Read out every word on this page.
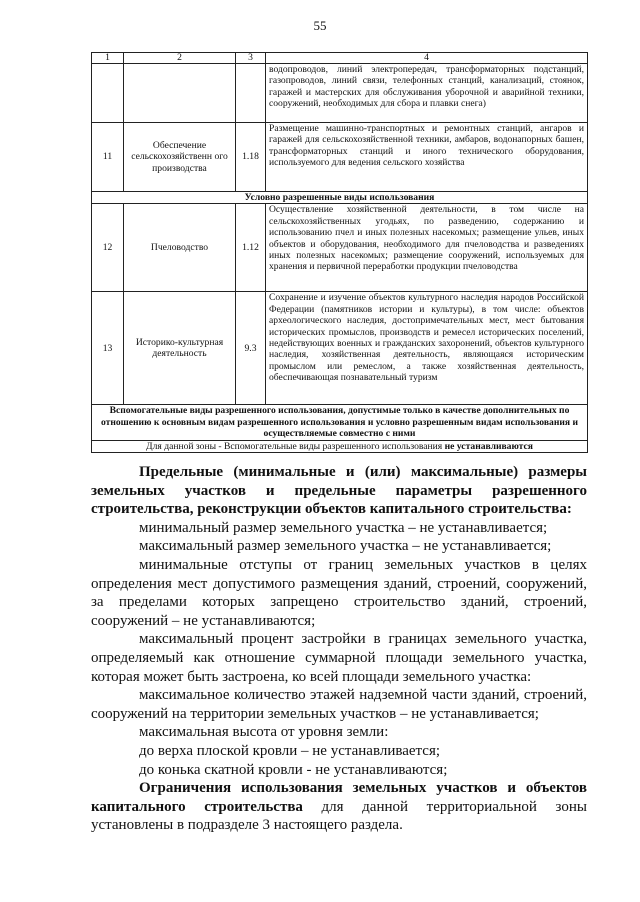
55
1	2	3	4
			водопроводов, линий электропередач, трансформаторных подстанций, газопроводов, линий связи, телефонных станций, канализаций, стоянок, гаражей и мастерских для обслуживания уборочной и аварийной техники, сооружений, необходимых для сбора и плавки снега)
11	Обеспечение сельскохозяйственн ого производства	1.18	Размещение машинно-транспортных и ремонтных станций, ангаров и гаражей для сельскохозяйственной техники, амбаров, водонапорных башен, трансформаторных станций и иного технического оборудования, используемого для ведения сельского хозяйства
Условно разрешенные виды использования			
12	Пчеловодство	1.12	Осуществление хозяйственной деятельности, в том числе на сельскохозяйственных угодьях, по разведению, содержанию и использованию пчел и иных полезных насекомых; размещение ульев, иных объектов и оборудования, необходимого для пчеловодства и разведениях иных полезных насекомых; размещение сооружений, используемых для хранения и первичной переработки продукции пчеловодства
13	Историко-культурная деятельность	9.3	Сохранение и изучение объектов культурного наследия народов Российской Федерации (памятников истории и культуры), в том числе: объектов археологического наследия, достопримечательных мест, мест бытования исторических промыслов, производств и ремесел исторических поселений, недействующих военных и гражданских захоронений, объектов культурного наследия, хозяйственная деятельность, являющаяся историческим промыслом или ремеслом, а также хозяйственная деятельность, обеспечивающая познавательный туризм
Вспомогательные виды разрешенного использования, допустимые только в качестве дополнительных по отношению к основным видам разрешенного использования и условно разрешенным видам использования и осуществляемые совместно с ними			
Для данной зоны - Вспомогательные виды разрешенного использования не устанавливаются			

Предельные (минимальные и (или) максимальные) размеры земельных участков и предельные параметры разрешенного строительства, реконструкции объектов капитального строительства:

минимальный размер земельного участка – не устанавливается;

максимальный размер земельного участка – не устанавливается;

минимальные отступы от границ земельных участков в целях определения мест допустимого размещения зданий, строений, сооружений, за пределами которых запрещено строительство зданий, строений, сооружений – не устанавливаются;

максимальный процент застройки в границах земельного участка, определяемый как отношение суммарной площади земельного участка, которая может быть застроена, ко всей площади земельного участка:

максимальное количество этажей надземной части зданий, строений, сооружений на территории земельных участков – не устанавливается;

максимальная высота от уровня земли:

до верха плоской кровли – не устанавливается;

до конька скатной кровли - не устанавливаются;

Ограничения использования земельных участков и объектов капитального строительства для данной территориальной зоны установлены в подразделе 3 настоящего раздела.
